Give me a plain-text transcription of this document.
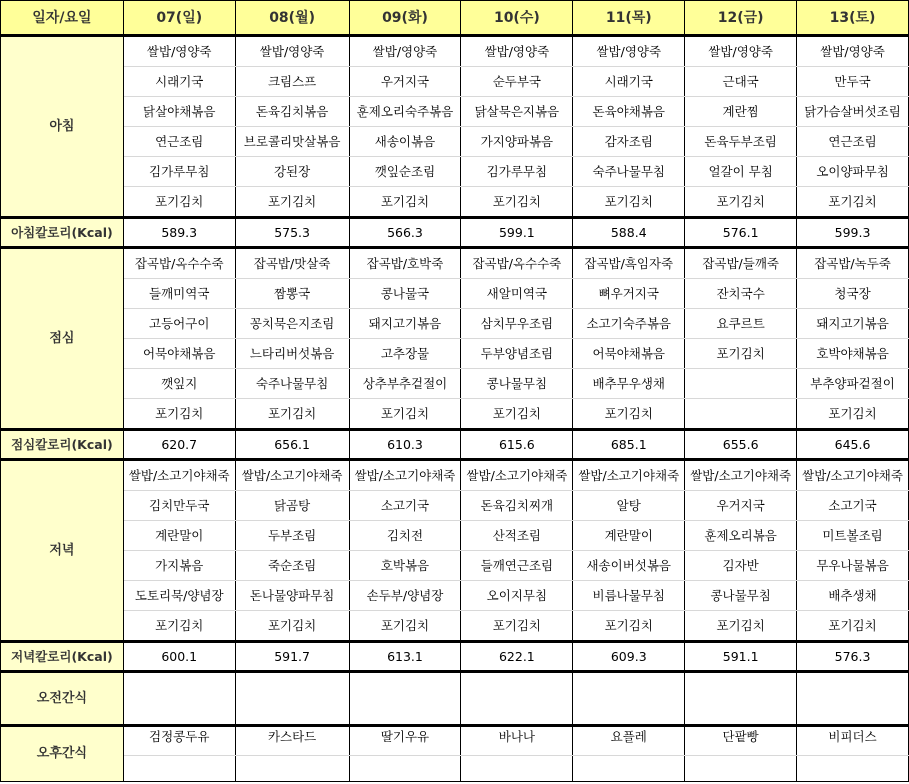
일자/요일	07(일)	08(월)	09(화)	10(수)	11(목)	12(금)	13(토)
아침	쌀밥/영양죽	쌀밥/영양죽	쌀밥/영양죽	쌀밥/영양죽	쌀밥/영양죽	쌀밥/영양죽	쌀밥/영양죽
	시래기국	크림스프	우거지국	순두부국	시래기국	근대국	만두국
	닭살야채볶음	돈육김치볶음	훈제오리숙주볶음	닭살묵은지볶음	돈육야채볶음	계란찜	닭가슴살버섯조림
	연근조림	브로콜리맛살볶음	새송이볶음	가지양파볶음	감자조림	돈육두부조림	연근조림
	김가루무침	강된장	깻잎순조림	김가루무침	숙주나물무침	얼갈이 무침	오이양파무침
	포기김치	포기김치	포기김치	포기김치	포기김치	포기김치	포기김치
아침칼로리(Kcal)	589.3	575.3	566.3	599.1	588.4	576.1	599.3
점심	잡곡밥/옥수수죽	잡곡밥/맛살죽	잡곡밥/호박죽	잡곡밥/옥수수죽	잡곡밥/흑임자죽	잡곡밥/들깨죽	잡곡밥/녹두죽
	들깨미역국	짬뽕국	콩나물국	새알미역국	뼈우거지국	잔치국수	청국장
	고등어구이	꽁치묵은지조림	돼지고기볶음	삼치무우조림	소고기숙주볶음	요쿠르트	돼지고기볶음
	어묵야채볶음	느타리버섯볶음	고추장물	두부양념조림	어묵야채볶음	포기김치	호박야채볶음
	깻잎지	숙주나물무침	상추부추겉절이	콩나물무침	배추무우생채		부추양파겉절이
	포기김치	포기김치	포기김치	포기김치	포기김치		포기김치
점심칼로리(Kcal)	620.7	656.1	610.3	615.6	685.1	655.6	645.6
저녁	쌀밥/소고기야채죽	쌀밥/소고기야채죽	쌀밥/소고기야채죽	쌀밥/소고기야채죽	쌀밥/소고기야채죽	쌀밥/소고기야채죽	쌀밥/소고기야채죽
	김치만두국	닭곰탕	소고기국	돈육김치찌개	알탕	우거지국	소고기국
	계란말이	두부조림	김치전	산적조림	계란말이	훈제오리볶음	미트볼조림
	가지볶음	죽순조림	호박볶음	들깨연근조림	새송이버섯볶음	김자반	무우나물볶음
	도토리묵/양념장	돈나물양파무침	손두부/양념장	오이지무침	비름나물무침	콩나물무침	배추생채
	포기김치	포기김치	포기김치	포기김치	포기김치	포기김치	포기김치
저녁칼로리(Kcal)	600.1	591.7	613.1	622.1	609.3	591.1	576.3
오전간식							
오후간식	검정콩두유	카스타드	딸기우유	바나나	요플레	단팥빵	비피더스
